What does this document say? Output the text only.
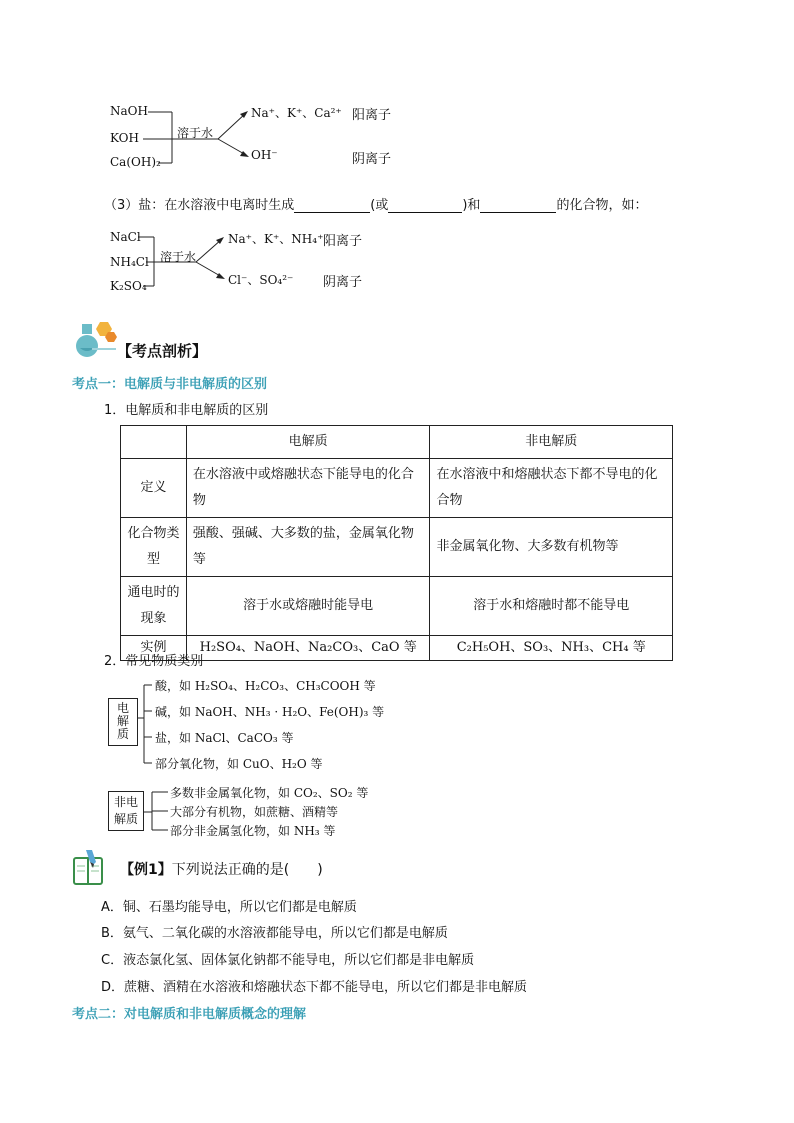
NaOH
KOH
Ca(OH)₂
溶于水
Na⁺、K⁺、Ca²⁺
OH⁻
阳离子
阴离子
（3）盐：在水溶液中电离时生成	(或	)和	的化合物，如：
NaCl
NH₄Cl
K₂SO₄
溶于水
Na⁺、K⁺、NH₄⁺
Cl⁻、SO₄²⁻
阳离子
阴离子
【考点剖析】
考点一：电解质与非电解质的区别
1．电解质和非电解质的区别
	电解质	非电解质
定义	在水溶液中或熔融状态下能导电的化合物	在水溶液中和熔融状态下都不导电的化合物
化合物类型	强酸、强碱、大多数的盐，金属氧化物等	非金属氧化物、大多数有机物等
通电时的现象	溶于水或熔融时能导电	溶于水和熔融时都不能导电
实例	H₂SO₄、NaOH、Na₂CO₃、CaO 等	C₂H₅OH、SO₃、NH₃、CH₄ 等
2．常见物质类别
电解质
酸，如 H₂SO₄、H₂CO₃、CH₃COOH 等
碱，如 NaOH、NH₃ · H₂O、Fe(OH)₃ 等
盐，如 NaCl、CaCO₃ 等
部分氧化物，如 CuO、H₂O 等
非电解质
多数非金属氧化物，如 CO₂、SO₂ 等
大部分有机物，如蔗糖、酒精等
部分非金属氢化物，如 NH₃ 等
【例1】下列说法正确的是(　　)
A．铜、石墨均能导电，所以它们都是电解质
B．氨气、二氧化碳的水溶液都能导电，所以它们都是电解质
C．液态氯化氢、固体氯化钠都不能导电，所以它们都是非电解质
D．蔗糖、酒精在水溶液和熔融状态下都不能导电，所以它们都是非电解质
考点二：对电解质和非电解质概念的理解
